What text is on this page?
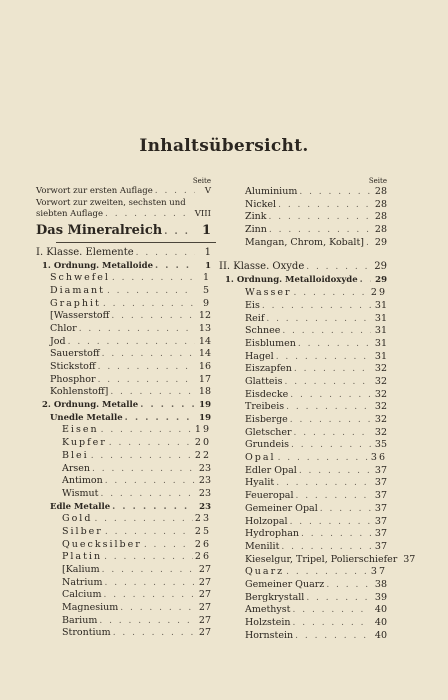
Inhaltsübersicht.
Seite
Vorwort zur ersten Auflage . . .	V
Vorwort zur zweiten, sechsten und
siebten Auflage . . .	VIII
Das Mineralreich . . .	1
I. Klasse. Elemente . . .	1
1. Ordnung. Metalloide . . .	1
Schwefel . . .	1
Diamant . . .	5
Graphit . . .	9
[Wasserstoff . . .	12
Chlor . . .	13
Jod . . .	14
Sauerstoff . . .	14
Stickstoff . . .	16
Phosphor . . .	17
Kohlenstoff] . . .	18
2. Ordnung. Metalle . . .	19
Unedle Metalle . . .	19
Eisen . . .	19
Kupfer . . .	20
Blei . . .	22
Arsen . . .	23
Antimon . . .	23
Wismut . . .	23
Edle Metalle . . .	23
Gold . . .	23
Silber . . .	25
Quecksilber . . .	26
Platin . . .	26
[Kalium . . .	27
Natrium . . .	27
Calcium . . .	27
Magnesium . . .	27
Barium . . .	27
Strontium . . .	27
Seite
Aluminium . . .	28
Nickel . . .	28
Zink . . .	28
Zinn . . .	28
Mangan, Chrom, Kobalt] . . . 29
II. Klasse. Oxyde . . .	29
1. Ordnung. Metalloidoxyde . . . 29
Wasser . . .	29
Eis . . .	31
Reif . . .	31
Schnee . . .	31
Eisblumen . . .	31
Hagel . . .	31
Eiszapfen . . .	32
Glatteis . . .	32
Eisdecke . . .	32
Treibeis . . .	32
Eisberge . . .	32
Gletscher . . .	32
Grundeis . . .	35
Opal . . .	36
Edler Opal . . .	37
Hyalit . . .	37
Feueropal . . .	37
Gemeiner Opal . . .	37
Holzopal . . .	37
Hydrophan . . .	37
Menilit . . .	37
Kieselgur, Tripel, Polierschiefer 37
Quarz . . .	37
Gemeiner Quarz . . .	38
Bergkrystall . . .	39
Amethyst . . .	40
Holzstein . . .	40
Hornstein . . .	40
